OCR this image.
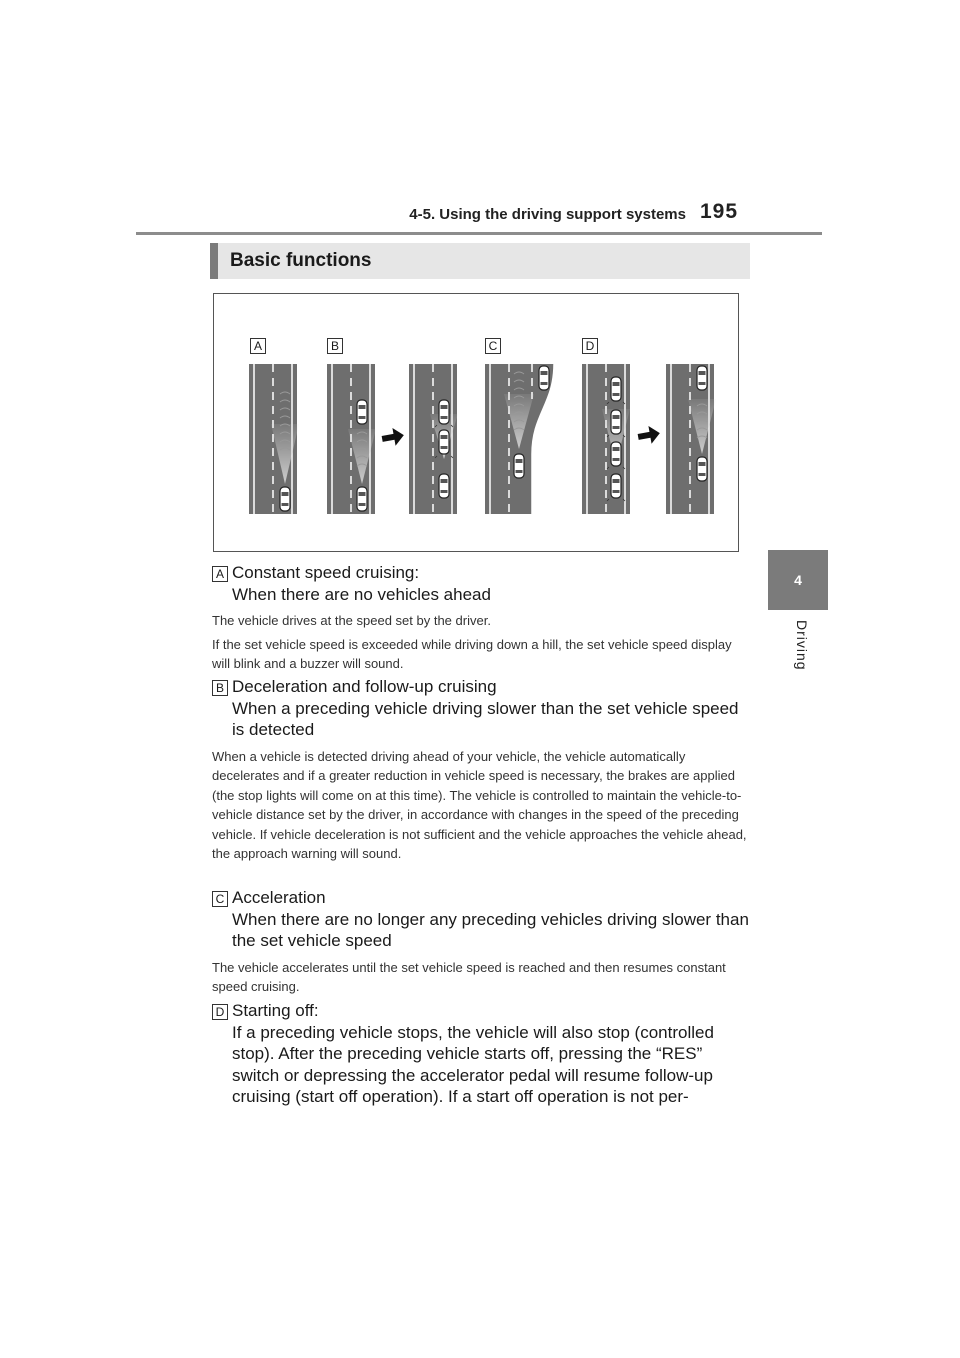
4-5. Using the driving support systems 195
4
Driving
Basic functions
A	B	C	D
A Constant speed cruising:
When there are no vehicles ahead

The vehicle drives at the speed set by the driver.

If the set vehicle speed is exceeded while driving down a hill, the set vehicle speed display will blink and a buzzer will sound.

B Deceleration and follow-up cruising
When a preceding vehicle driving slower than the set vehicle speed is detected

When a vehicle is detected driving ahead of your vehicle, the vehicle automatically decelerates and if a greater reduction in vehicle speed is necessary, the brakes are applied (the stop lights will come on at this time). The vehicle is controlled to maintain the vehicle-to-vehicle distance set by the driver, in accordance with changes in the speed of the preceding vehicle. If vehicle deceleration is not sufficient and the vehicle approaches the vehicle ahead, the approach warning will sound.

C Acceleration
When there are no longer any preceding vehicles driving slower than the set vehicle speed

The vehicle accelerates until the set vehicle speed is reached and then resumes constant speed cruising.

D Starting off:
If a preceding vehicle stops, the vehicle will also stop (controlled stop). After the preceding vehicle starts off, pressing the “RES” switch or depressing the accelerator pedal will resume follow-up cruising (start off operation). If a start off operation is not per-
